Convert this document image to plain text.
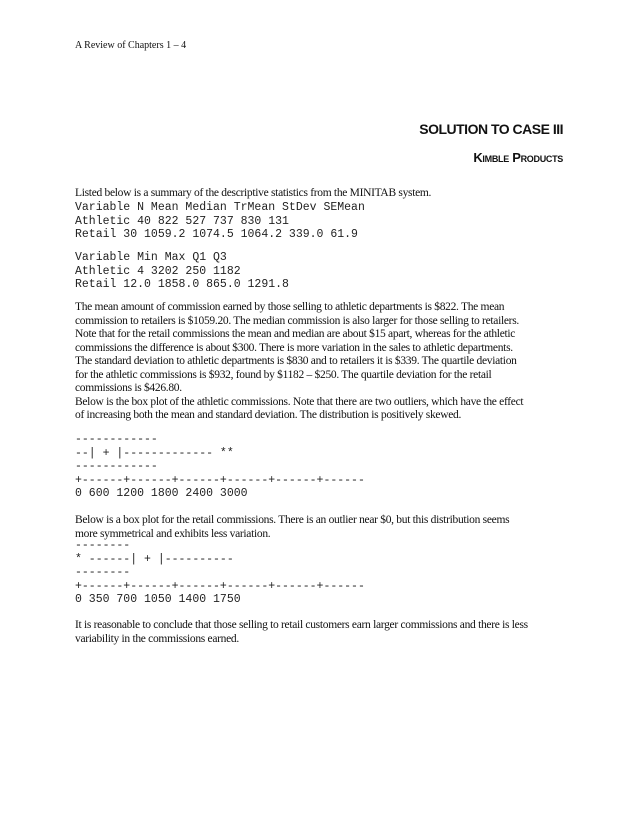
A Review of Chapters 1 – 4
SOLUTION TO CASE III
Kimble Products

Listed below is a summary of the descriptive statistics from the MINITAB system.

Variable N Mean Median TrMean StDev SEMean
Athletic 40 822 527 737 830 131
Retail 30 1059.2 1074.5 1064.2 339.0 61.9
Variable Min Max Q1 Q3
Athletic 4 3202 250 1182
Retail 12.0 1858.0 865.0 1291.8

The mean amount of commission earned by those selling to athletic departments is $822. The mean
commission to retailers is $1059.20. The median commission is also larger for those selling to retailers.
Note that for the retail commissions the mean and median are about $15 apart, whereas for the athletic
commissions the difference is about $300. There is more variation in the sales to athletic departments.
The standard deviation to athletic departments is $830 and to retailers it is $339. The quartile deviation
for the athletic commissions is $932, found by $1182 – $250. The quartile deviation for the retail
commissions is $426.80.
Below is the box plot of the athletic commissions. Note that there are two outliers, which have the effect
of increasing both the mean and standard deviation. The distribution is positively skewed.

------------
--| + |------------- **
------------
+------+------+------+------+------+------
0 600 1200 1800 2400 3000

Below is a box plot for the retail commissions. There is an outlier near $0, but this distribution seems
more symmetrical and exhibits less variation.

--------
* ------| + |----------
--------
+------+------+------+------+------+------
0 350 700 1050 1400 1750

It is reasonable to conclude that those selling to retail customers earn larger commissions and there is less
variability in the commissions earned.
